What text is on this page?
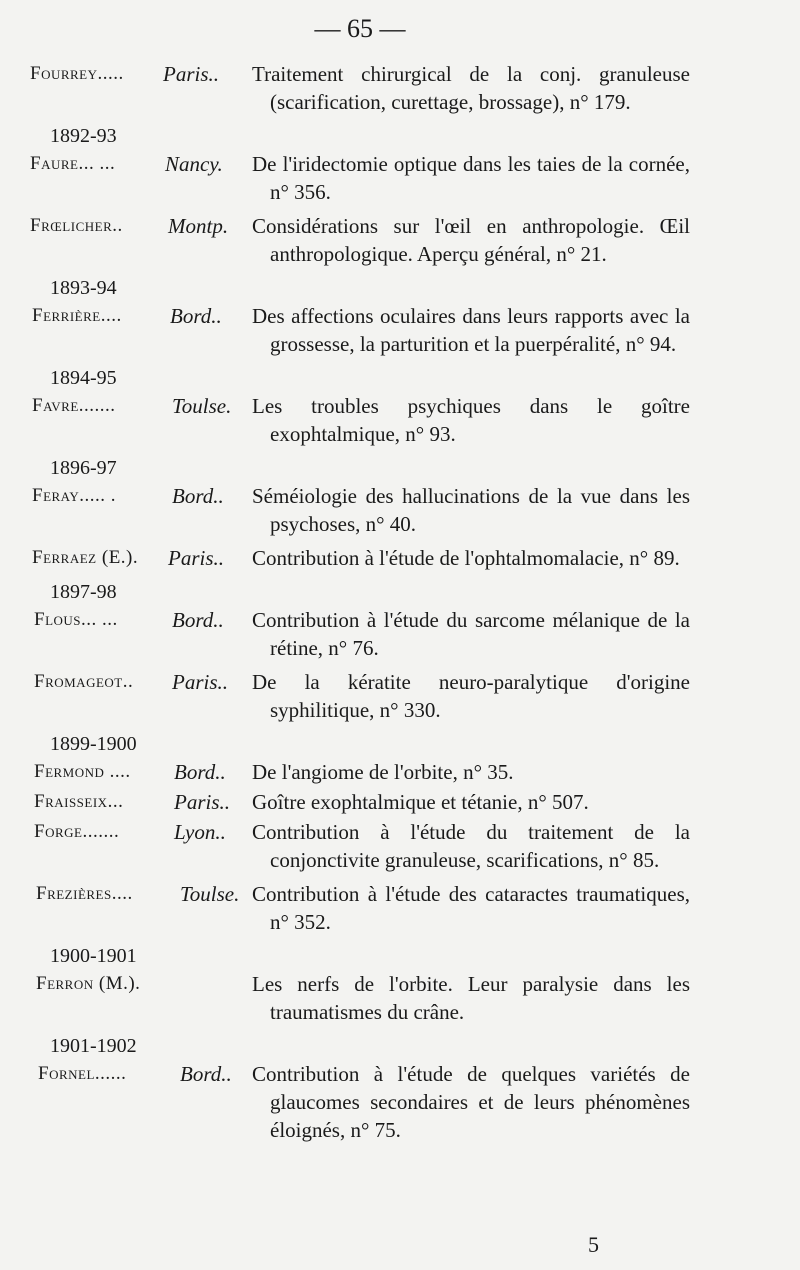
— 65 —
Fourrey..... Paris.. Traitement chirurgical de la conj. granuleuse (scarification, curettage, brossage), n° 179.
1892-93
Faure... ... Nancy. De l'iridectomie optique dans les taies de la cornée, n° 356.
Frœlicher.. Montp. Considérations sur l'œil en anthropologie. Œil anthropologique. Aperçu général, n° 21.
1893-94
Ferrière.... Bord.. Des affections oculaires dans leurs rapports avec la grossesse, la parturition et la puerpéralité, n° 94.
1894-95
Favre.......	Toulse. Les troubles psychiques dans le goître exophtalmique, n° 93.
1896-97
Feray..... .	Bord.. Séméiologie des hallucinations de la vue dans les psychoses, n° 40.
Ferraez (E.). Paris.. Contribution à l'étude de l'ophtalmomalacie, n° 89.
1897-98
Flous... ...	Bord.. Contribution à l'étude du sarcome mélanique de la rétine, n° 76.
Fromageot.. Paris.. De la kératite neuro-paralytique d'origine syphilitique, n° 330.
1899-1900
Fermond .... Bord.. De l'angiome de l'orbite, n° 35.
Fraisseix... Paris.. Goître exophtalmique et tétanie, n° 507.
Forge.......	Lyon.. Contribution à l'étude du traitement de la conjonctivite granuleuse, scarifications, n° 85.
Frezières.... Toulse. Contribution à l'étude des cataractes traumatiques, n° 352.
1900-1901
Ferron (M.).	Les nerfs de l'orbite. Leur paralysie dans les traumatismes du crâne.
1901-1902
Fornel......	Bord.. Contribution à l'étude de quelques variétés de glaucomes secondaires et de leurs phénomènes éloignés, n° 75.
5
